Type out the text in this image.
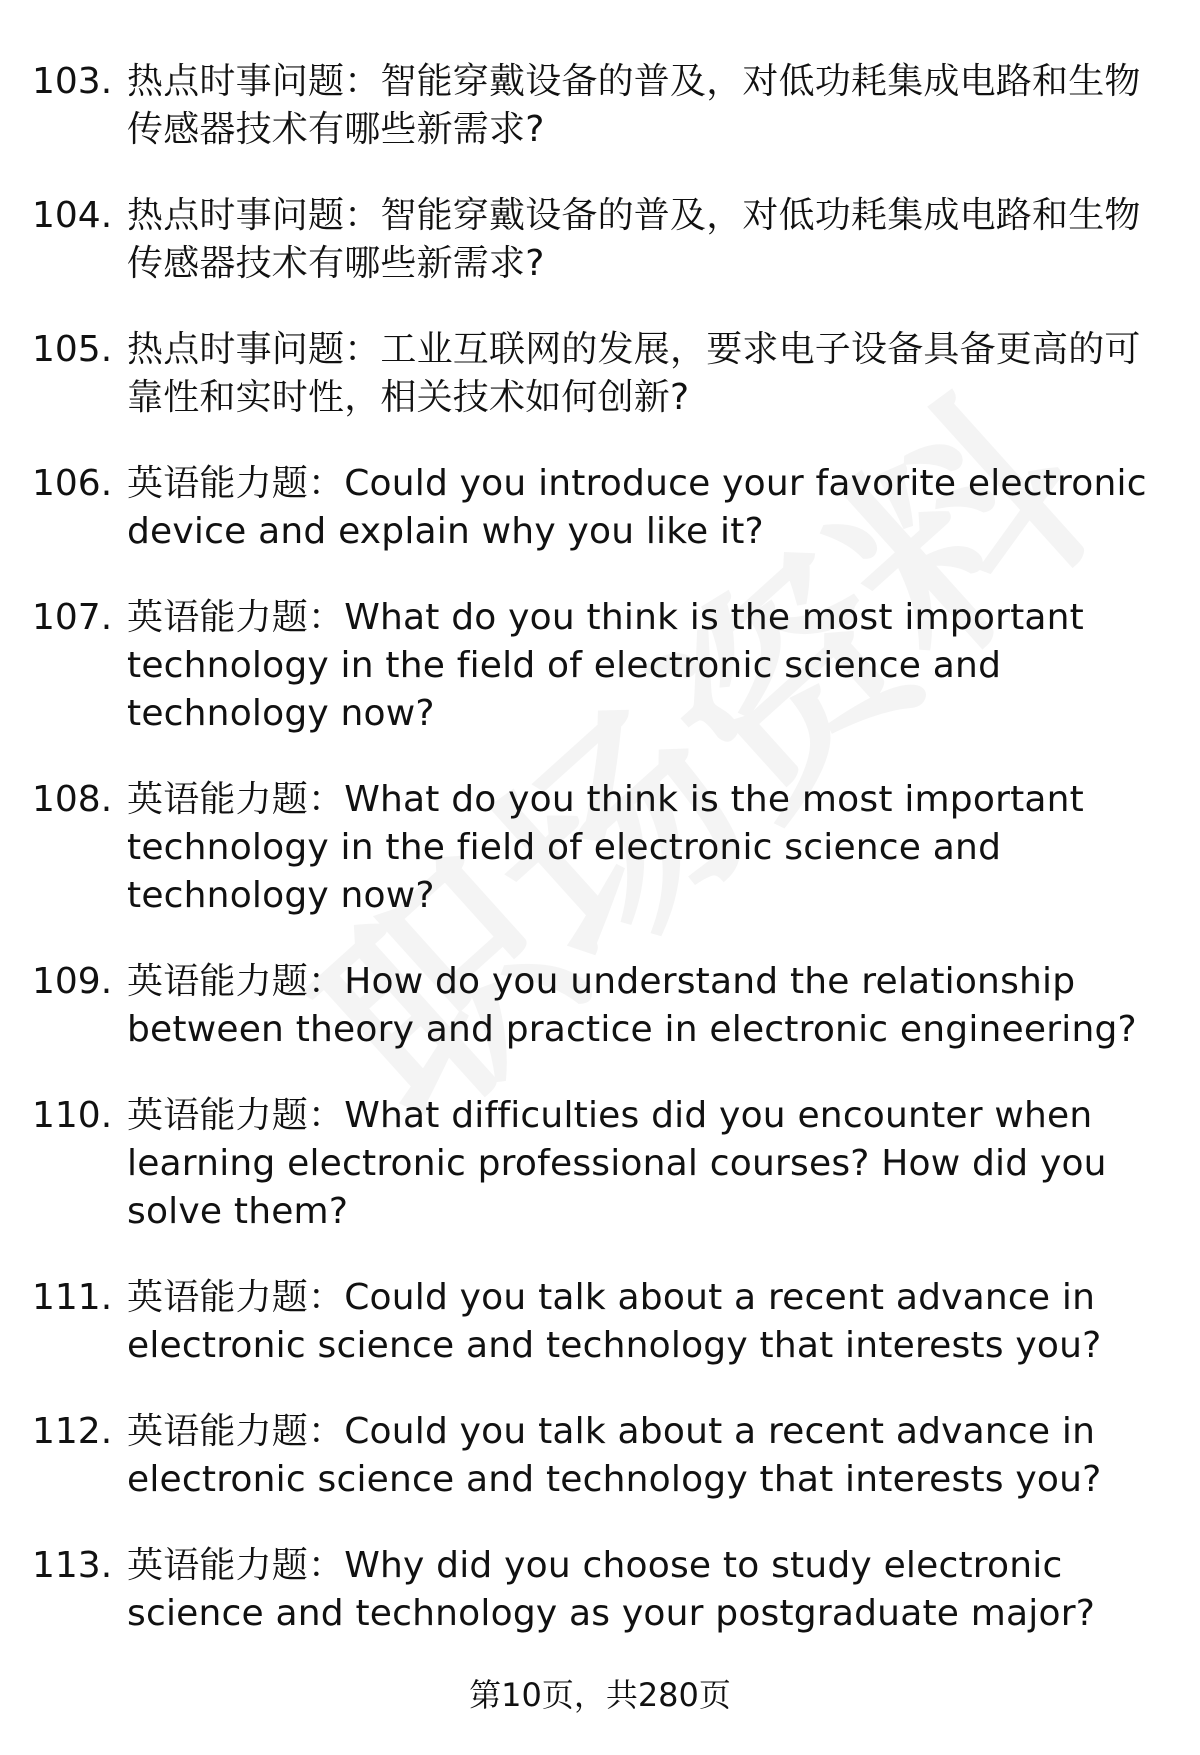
103. 热点时事问题：智能穿戴设备的普及，对低功耗集成电路和生物传感器技术有哪些新需求?
104. 热点时事问题：智能穿戴设备的普及，对低功耗集成电路和生物传感器技术有哪些新需求?
105. 热点时事问题：工业互联网的发展，要求电子设备具备更高的可靠性和实时性，相关技术如何创新?
106. 英语能力题：Could you introduce your favorite electronic device and explain why you like it?
107. 英语能力题：What do you think is the most important technology in the field of electronic science and technology now?
108. 英语能力题：What do you think is the most important technology in the field of electronic science and technology now?
109. 英语能力题：How do you understand the relationship between theory and practice in electronic engineering?
110. 英语能力题：What difficulties did you encounter when learning electronic professional courses? How did you solve them?
111. 英语能力题：Could you talk about a recent advance in electronic science and technology that interests you?
112. 英语能力题：Could you talk about a recent advance in electronic science and technology that interests you?
113. 英语能力题：Why did you choose to study electronic science and technology as your postgraduate major?
第10页，共280页
